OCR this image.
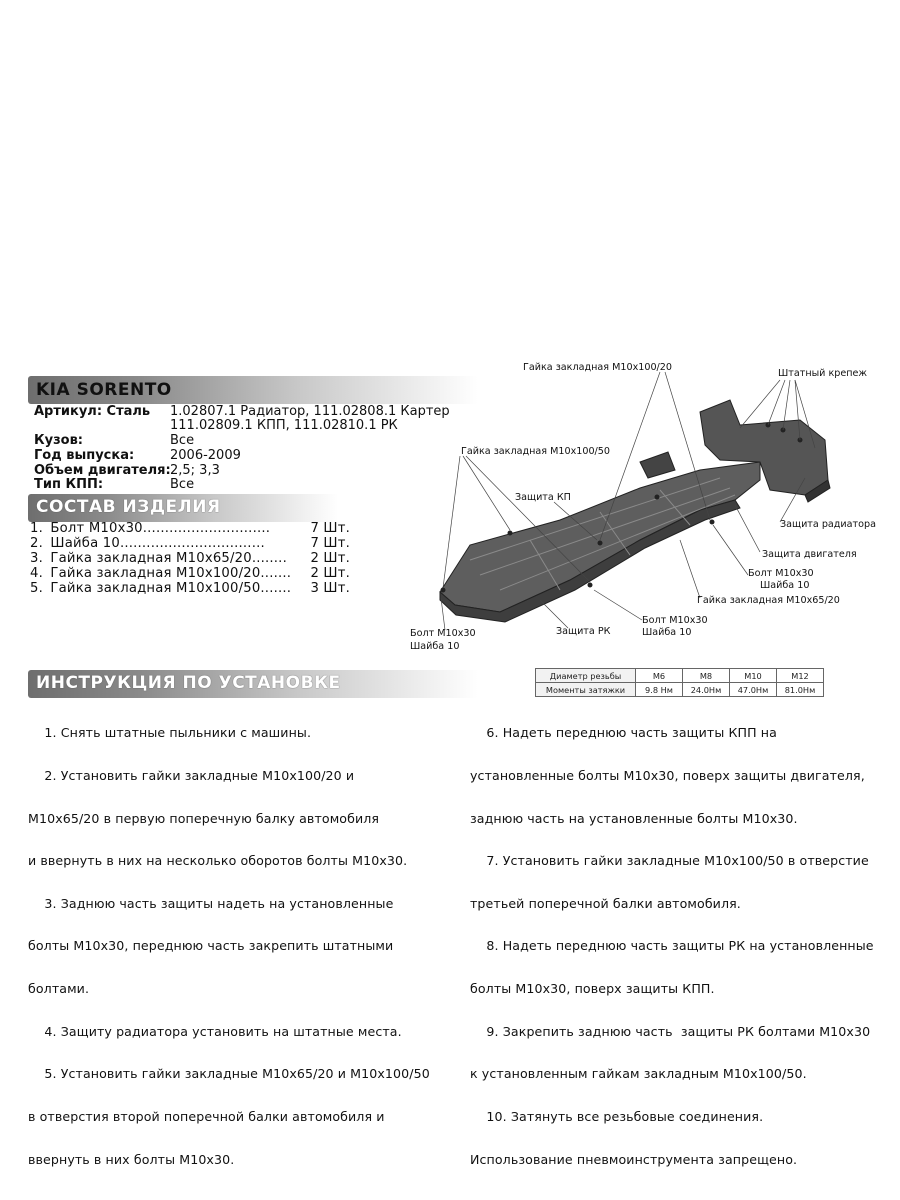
KIA SORENTO
Артикул: Сталь 1.02807.1 Радиатор, 111.02808.1 Картер
111.02809.1 КПП, 111.02810.1 РК
Кузов:	Все
Год выпуска:	2006-2009
Объем двигателя: 2,5; 3,3
Тип КПП:	Все
СОСТАВ ИЗДЕЛИЯ
1. Болт М10х30.............................	7 Шт.
2. Шайба 10.................................	7 Шт.
3. Гайка закладная М10х65/20........ 2 Шт.
4. Гайка закладная М10х100/20....... 2 Шт.
5. Гайка закладная М10х100/50....... 3 Шт.
Гайка закладная М10х100/20
Штатный крепеж
Гайка закладная М10х100/50
Защита КП
Защита радиатора
Защита двигателя
Болт М10х30
Шайба 10
Гайка закладная М10х65/20
Болт М10х30
Шайба 10
Защита РК
Болт М10х30
Шайба 10
ИНСТРУКЦИЯ ПО УСТАНОВКЕ	Диаметр резьбы	М6	М8	М10	М12
Моменты затяжки	9.8 Нм	24.0Нм	47.0Нм	81.0Нм

1. Снять штатные пыльники с машины.

2. Установить гайки закладные М10х100/20 и

М10х65/20 в первую поперечную балку автомобиля

и ввернуть в них на несколько оборотов болты М10х30.

3. Заднюю часть защиты надеть на установленные

болты М10х30, переднюю часть закрепить штатными

болтами.

4. Защиту радиатора установить на штатные места.

5. Установить гайки закладные М10х65/20 и М10х100/50

в отверстия второй поперечной балки автомобиля и

ввернуть в них болты М10х30.

6. Надеть переднюю часть защиты КПП на

установленные болты М10х30, поверх защиты двигателя,

заднюю часть на установленные болты М10х30.

7. Установить гайки закладные М10х100/50 в отверстие

третьей поперечной балки автомобиля.

8. Надеть переднюю часть защиты РК на установленные

болты М10х30, поверх защиты КПП.

9. Закрепить заднюю часть  защиты РК болтами М10х30

к установленным гайкам закладным М10х100/50.

10. Затянуть все резьбовые соединения.

Использование пневмоинструмента запрещено.
